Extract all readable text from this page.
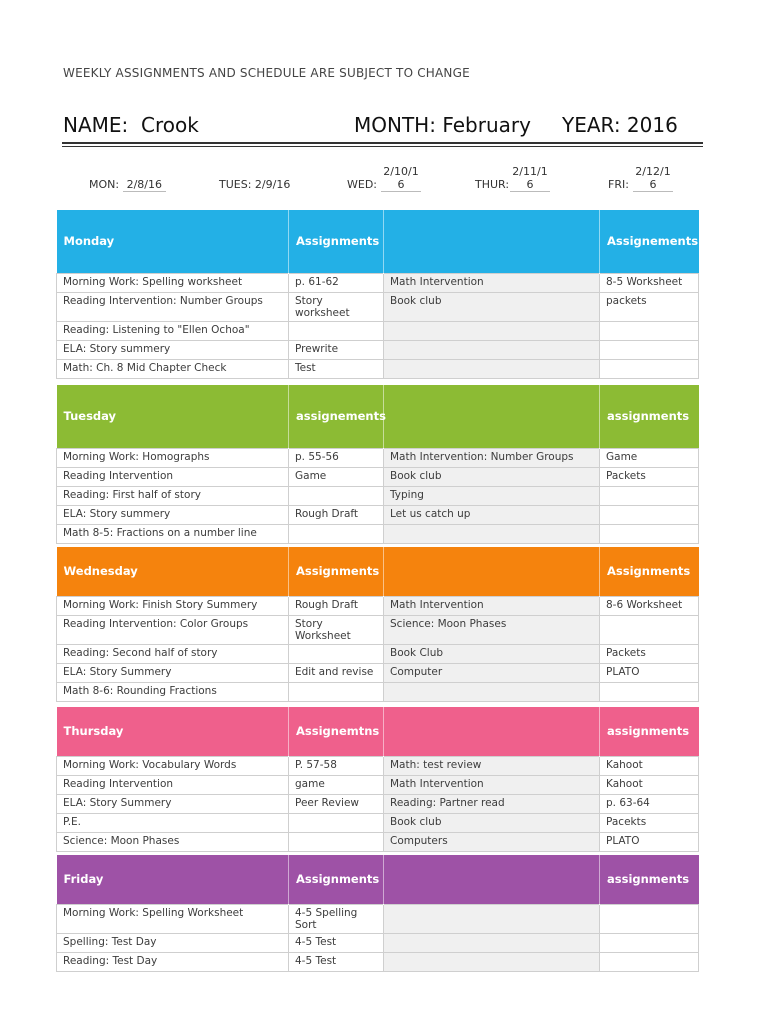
WEEKLY ASSIGNMENTS AND SCHEDULE ARE SUBJECT TO CHANGE
NAME: Crook	MONTH: February YEAR: 2016
MON: 2/8/16	TUES: 2/9/16	WED:
2/10/1
6	THUR:
2/11/1
6	FRI:
2/12/1
6
Monday	Assignments		Assignements
Morning Work: Spelling worksheet	p. 61-62	Math Intervention	8-5 Worksheet
Reading Intervention: Number Groups	Story worksheet	Book club	packets
Reading: Listening to "Ellen Ochoa"			
ELA: Story summery	Prewrite		
Math: Ch. 8 Mid Chapter Check	Test		
Tuesday	assignements		assignments
Morning Work: Homographs	p. 55-56	Math Intervention: Number Groups	Game
Reading Intervention	Game	Book club	Packets
Reading: First half of story		Typing	
ELA: Story summery	Rough Draft	Let us catch up	
Math 8-5: Fractions on a number line			
Wednesday	Assignments		Assignments
Morning Work: Finish Story Summery	Rough Draft	Math Intervention	8-6 Worksheet
Reading Intervention: Color Groups	Story Worksheet	Science: Moon Phases	
Reading: Second half of story		Book Club	Packets
ELA: Story Summery	Edit and revise	Computer	PLATO
Math 8-6: Rounding Fractions			
Thursday	Assignemtns		assignments
Morning Work: Vocabulary Words	P. 57-58	Math: test review	Kahoot
Reading Intervention	game	Math Intervention	Kahoot
ELA: Story Summery	Peer Review	Reading: Partner read	p. 63-64
P.E.		Book club	Pacekts
Science: Moon Phases		Computers	PLATO
Friday	Assignments		assignments
Morning Work: Spelling Worksheet	4-5 Spelling Sort		
Spelling: Test Day	4-5 Test		
Reading: Test Day	4-5 Test		
